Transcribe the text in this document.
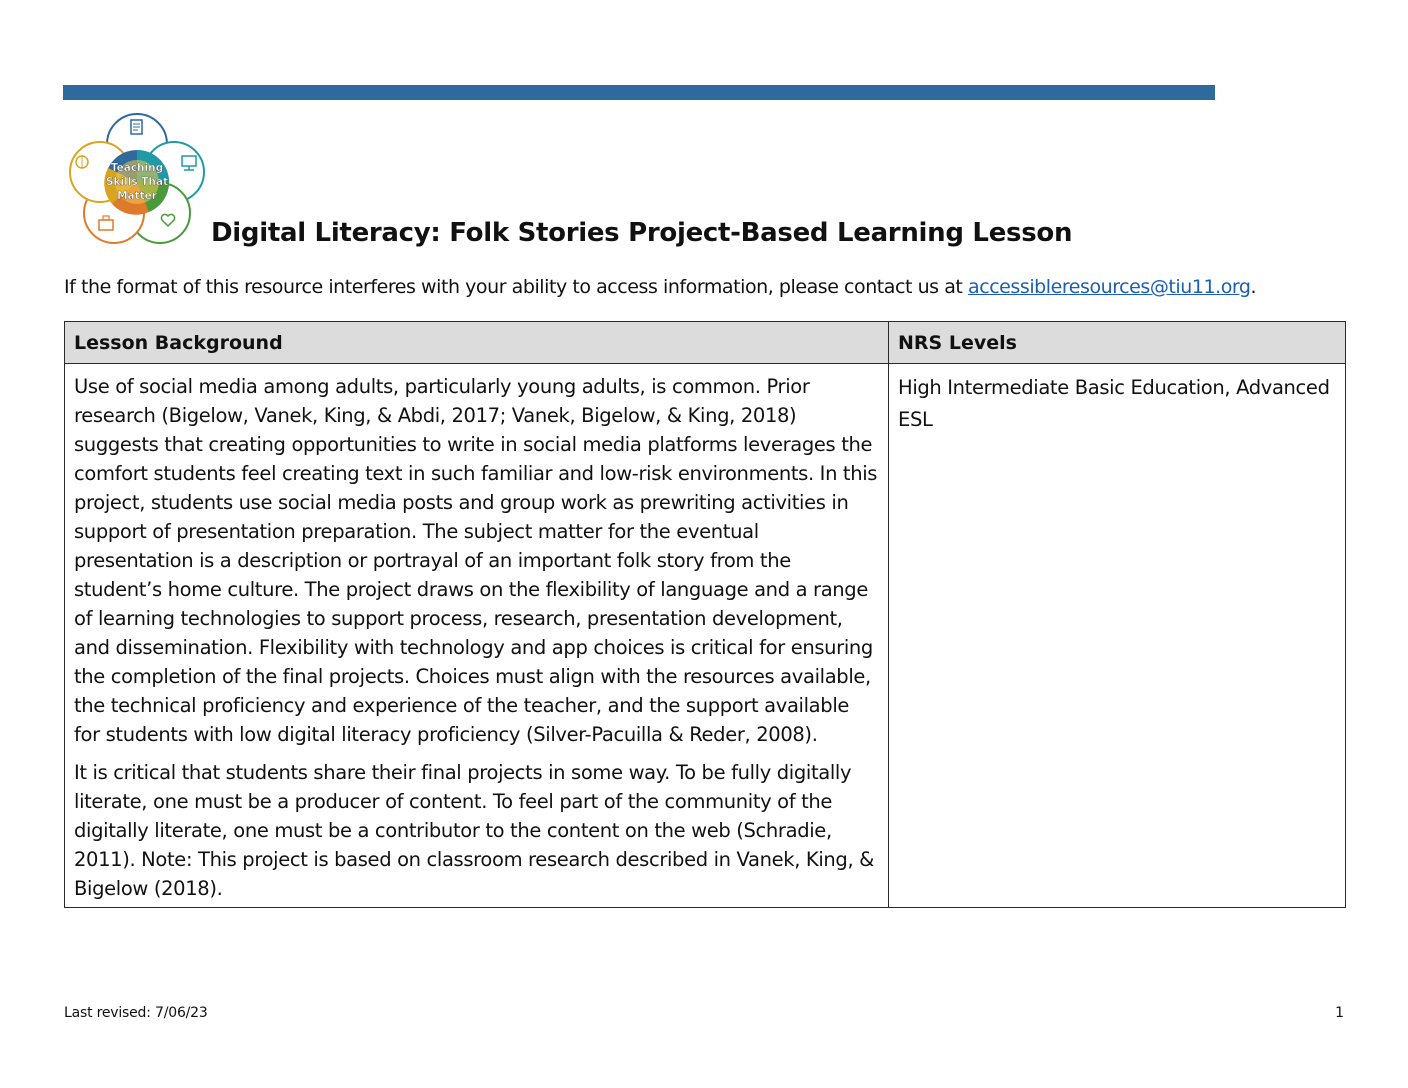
Teaching
Skills That
Matter
Digital Literacy: Folk Stories Project-Based Learning Lesson
If the format of this resource interferes with your ability to access information, please contact us at accessibleresources@tiu11.org.
Lesson Background	NRS Levels

Use of social media among adults, particularly young adults, is common. Prior research (Bigelow, Vanek, King, & Abdi, 2017; Vanek, Bigelow, & King, 2018) suggests that creating opportunities to write in social media platforms leverages the comfort students feel creating text in such familiar and low-risk environments. In this project, students use social media posts and group work as prewriting activities in support of presentation preparation. The subject matter for the eventual presentation is a description or portrayal of an important folk story from the student’s home culture. The project draws on the flexibility of language and a range of learning technologies to support process, research, presentation development, and dissemination. Flexibility with technology and app choices is critical for ensuring the completion of the final projects. Choices must align with the resources available, the technical proficiency and experience of the teacher, and the support available for students with low digital literacy proficiency (Silver-Pacuilla & Reder, 2008).

It is critical that students share their final projects in some way. To be fully digitally literate, one must be a producer of content. To feel part of the community of the digitally literate, one must be a contributor to the content on the web (Schradie, 2011). Note: This project is based on classroom research described in Vanek, King, & Bigelow (2018).	High Intermediate Basic Education, Advanced ESL
Last revised: 7/06/23	1
